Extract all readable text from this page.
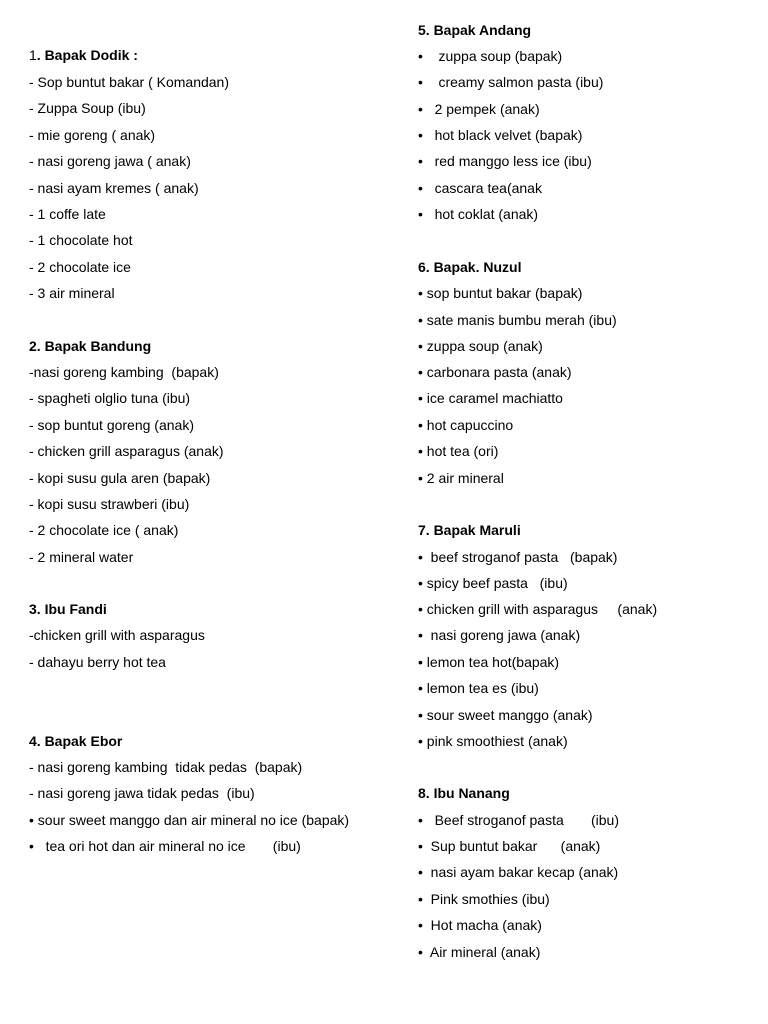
1. Bapak Dodik :
- Sop buntut bakar ( Komandan)
- Zuppa Soup (ibu)
- mie goreng ( anak)
- nasi goreng jawa ( anak)
- nasi ayam kremes ( anak)
- 1 coffe late
- 1 chocolate hot
- 2 chocolate ice
- 3 air mineral
2. Bapak Bandung
-nasi goreng kambing  (bapak)
- spagheti olglio tuna (ibu)
- sop buntut goreng (anak)
- chicken grill asparagus (anak)
- kopi susu gula aren (bapak)
- kopi susu strawberi (ibu)
- 2 chocolate ice ( anak)
- 2 mineral water
3. Ibu Fandi
-chicken grill with asparagus
- dahayu berry hot tea
4. Bapak Ebor
- nasi goreng kambing  tidak pedas  (bapak)
- nasi goreng jawa tidak pedas  (ibu)
• sour sweet manggo dan air mineral no ice (bapak)
•   tea ori hot dan air mineral no ice       (ibu)
5. Bapak Andang
•    zuppa soup (bapak)
•    creamy salmon pasta (ibu)
•   2 pempek (anak)
•   hot black velvet (bapak)
•   red manggo less ice (ibu)
•   cascara tea(anak
•   hot coklat (anak)
6. Bapak. Nuzul
• sop buntut bakar (bapak)
• sate manis bumbu merah (ibu)
• zuppa soup (anak)
• carbonara pasta (anak)
• ice caramel machiatto
• hot capuccino
• hot tea (ori)
• 2 air mineral
7. Bapak Maruli
•  beef stroganof pasta   (bapak)
• spicy beef pasta   (ibu)
• chicken grill with asparagus     (anak)
•  nasi goreng jawa (anak)
• lemon tea hot(bapak)
• lemon tea es (ibu)
• sour sweet manggo (anak)
• pink smoothiest (anak)
8. Ibu Nanang
•   Beef stroganof pasta       (ibu)
•  Sup buntut bakar      (anak)
•  nasi ayam bakar kecap (anak)
•  Pink smothies (ibu)
•  Hot macha (anak)
•  Air mineral (anak)
